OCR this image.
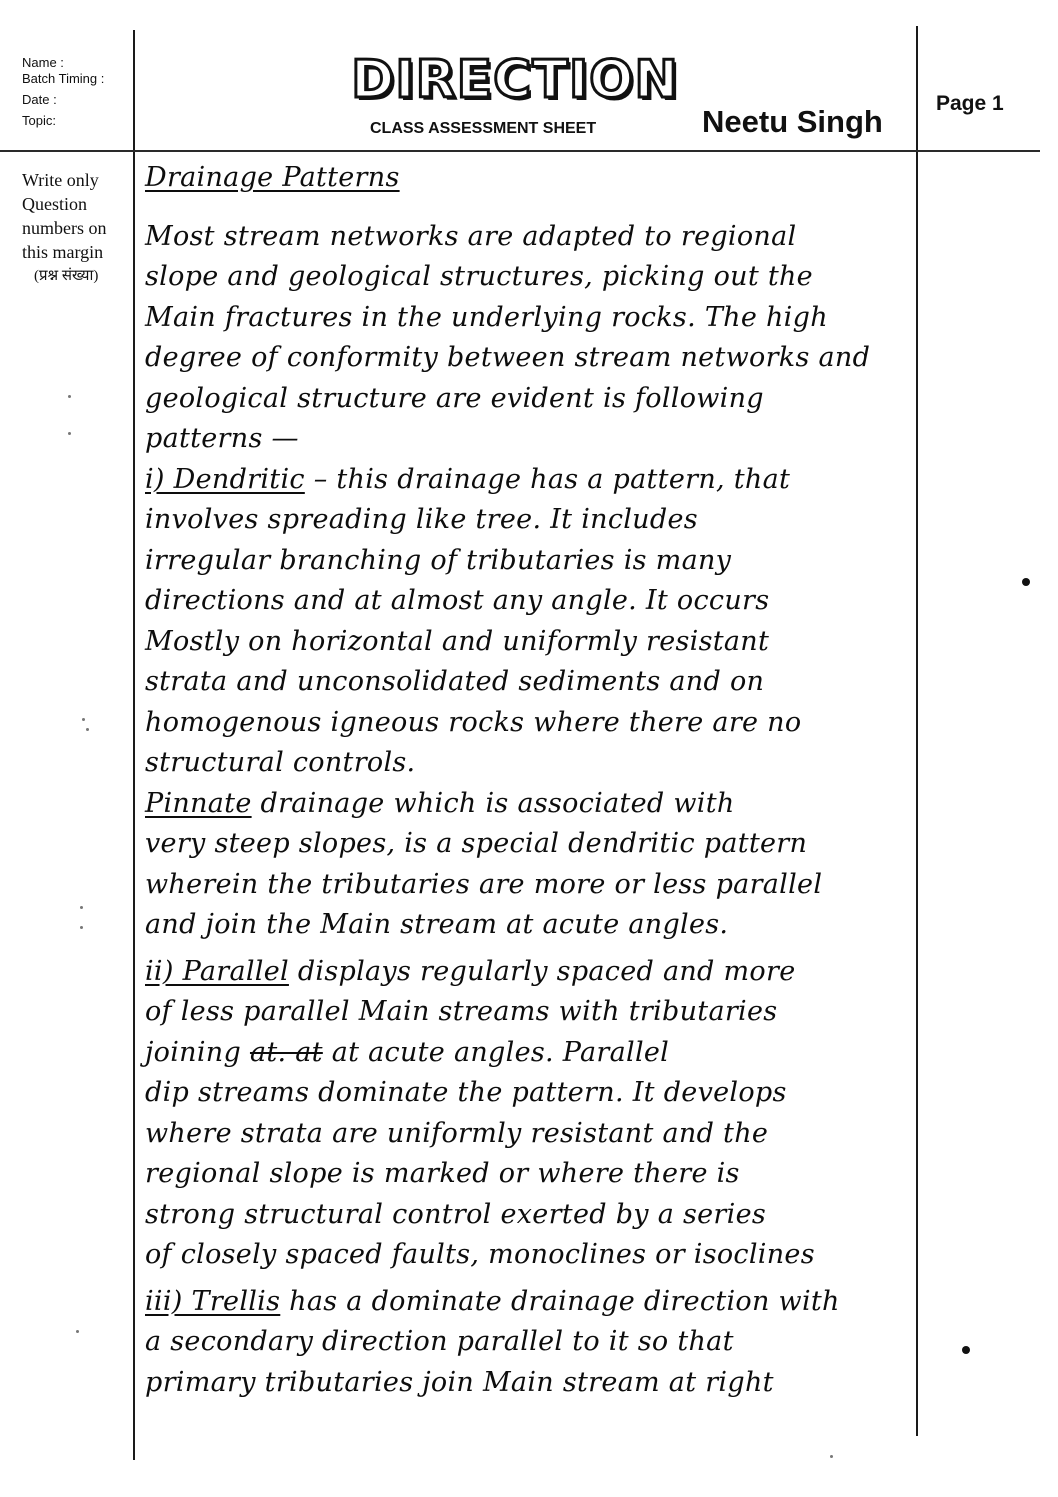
Name :
Batch Timing :
Date :
Topic:
DIRECTION
CLASS ASSESSMENT SHEET	Neetu Singh
Page 1
Write only Question numbers on this margin
(प्रश्न संख्या)
Drainage Patterns
Most stream networks are adapted to regional
slope and geological structures, picking out the
Main fractures in the underlying rocks. The high
degree of conformity between stream networks and
geological structure are evident is following
patterns —
i) Dendritic – this drainage has a pattern, that
involves spreading like tree. It includes
irregular branching of tributaries is many
directions and at almost any angle. It occurs
Mostly on horizontal and uniformly resistant
strata and unconsolidated sediments and on
homogenous igneous rocks where there are no
structural controls.
Pinnate drainage which is associated with
very steep slopes, is a special dendritic pattern
wherein the tributaries are more or less parallel
and join the Main stream at acute angles.
ii) Parallel displays regularly spaced and more
of less parallel Main streams with tributaries
joining at. at at acute angles. Parallel
dip streams dominate the pattern. It develops
where strata are uniformly resistant and the
regional slope is marked or where there is
strong structural control exerted by a series
of closely spaced faults, monoclines or isoclines
iii) Trellis has a dominate drainage direction with
a secondary direction parallel to it so that
primary tributaries join Main stream at right
